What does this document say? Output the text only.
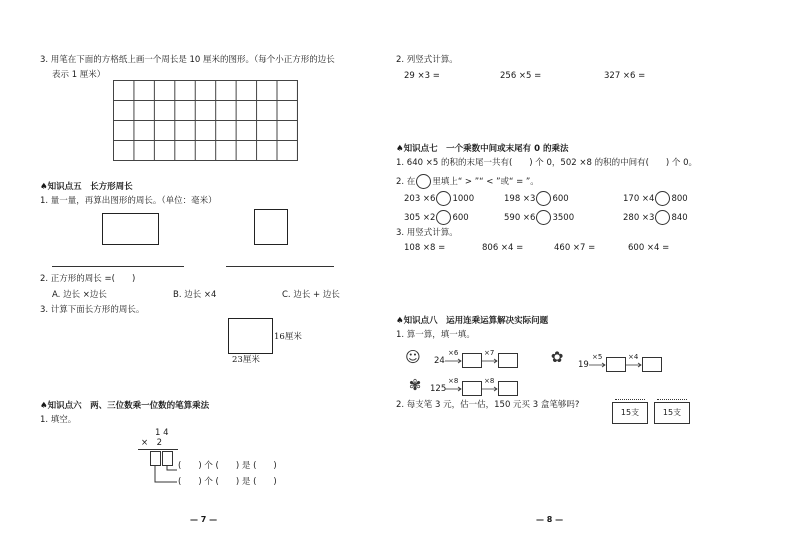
3. 用笔在下面的方格纸上画一个周长是 10 厘米的图形。（每个小正方形的边长
表示 1 厘米）
♠知识点五　长方形周长
1. 量一量，再算出图形的周长。（单位：毫米）
2. 正方形的周长 =(　　)
A. 边长 ×边长	B. 边长 ×4	C. 边长 + 边长
3. 计算下面长方形的周长。
16厘米
23厘米
♠知识点六　两、三位数乘一位数的笔算乘法
1. 填空。
1 4
×　2
(　　) 个 (　　) 是 (　　)
(　　) 个 (　　) 是 (　　)
— 7 —
2. 列竖式计算。
29 ×3 =	256 ×5 =	327 ×6 =
♠知识点七　一个乘数中间或末尾有 0 的乘法
1. 640 ×5 的积的末尾一共有(　　) 个 0，502 ×8 的积的中间有(　　) 个 0。
2. 在 里填上“ > ”“ < ”或“ = ”。
203 ×6 1000	198 ×3 600	170 ×4 800
305 ×2 600	590 ×6 3500	280 ×3 840
3. 用竖式计算。
108 ×8 =	806 ×4 =	460 ×7 =	600 ×4 =
♠知识点八　运用连乘运算解决实际问题
1. 算一算，填一填。
☺ 24
×6	×7	✿	19
×5	×4
✾	125
×8	×8
2. 每支笔 3 元，估一估，150 元买 3 盒笔够吗?
15支	15支
— 8 —
